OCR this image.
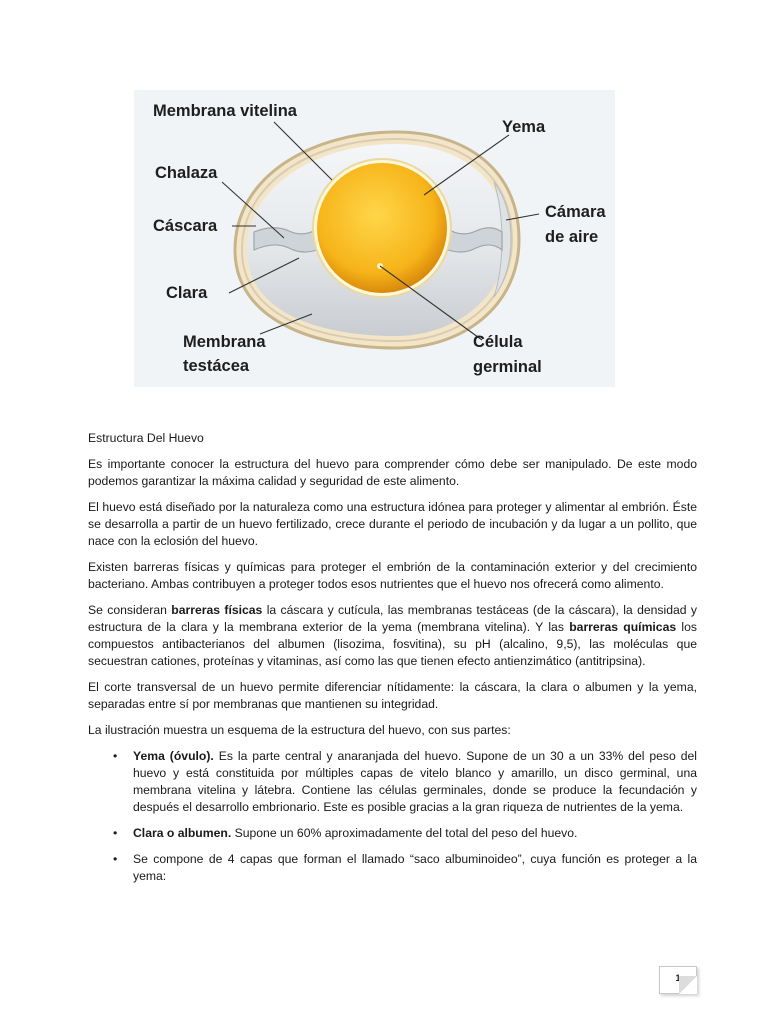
Membrana vitelina
Yema
Chalaza
Cámara
de aire
Cáscara
Clara
Membrana
testácea
Célula
germinal
Estructura Del Huevo

Es importante conocer la estructura del huevo para comprender cómo debe ser manipulado. De este modo podemos garantizar la máxima calidad y seguridad de este alimento.

El huevo está diseñado por la naturaleza como una estructura idónea para proteger y alimentar al embrión. Éste se desarrolla a partir de un huevo fertilizado, crece durante el periodo de incubación y da lugar a un pollito, que nace con la eclosión del huevo.

Existen barreras físicas y químicas para proteger el embrión de la contaminación exterior y del crecimiento bacteriano. Ambas contribuyen a proteger todos esos nutrientes que el huevo nos ofrecerá como alimento.

Se consideran barreras físicas la cáscara y cutícula, las membranas testáceas (de la cáscara), la densidad y estructura de la clara y la membrana exterior de la yema (membrana vitelina). Y las barreras químicas los compuestos antibacterianos del albumen (lisozima, fosvitina), su pH (alcalino, 9,5), las moléculas que secuestran cationes, proteínas y vitaminas, así como las que tienen efecto antienzimático (antitripsina).

El corte transversal de un huevo permite diferenciar nítidamente: la cáscara, la clara o albumen y la yema, separadas entre sí por membranas que mantienen su integridad.

La ilustración muestra un esquema de la estructura del huevo, con sus partes:

• Yema (óvulo). Es la parte central y anaranjada del huevo. Supone de un 30 a un 33% del peso del huevo y está constituida por múltiples capas de vitelo blanco y amarillo, un disco germinal, una membrana vitelina y látebra. Contiene las células germinales, donde se produce la fecundación y después el desarrollo embrionario. Este es posible gracias a la gran riqueza de nutrientes de la yema.
• Clara o albumen. Supone un 60% aproximadamente del total del peso del huevo.
• Se compone de 4 capas que forman el llamado “saco albuminoideo”, cuya función es proteger a la yema:
1
